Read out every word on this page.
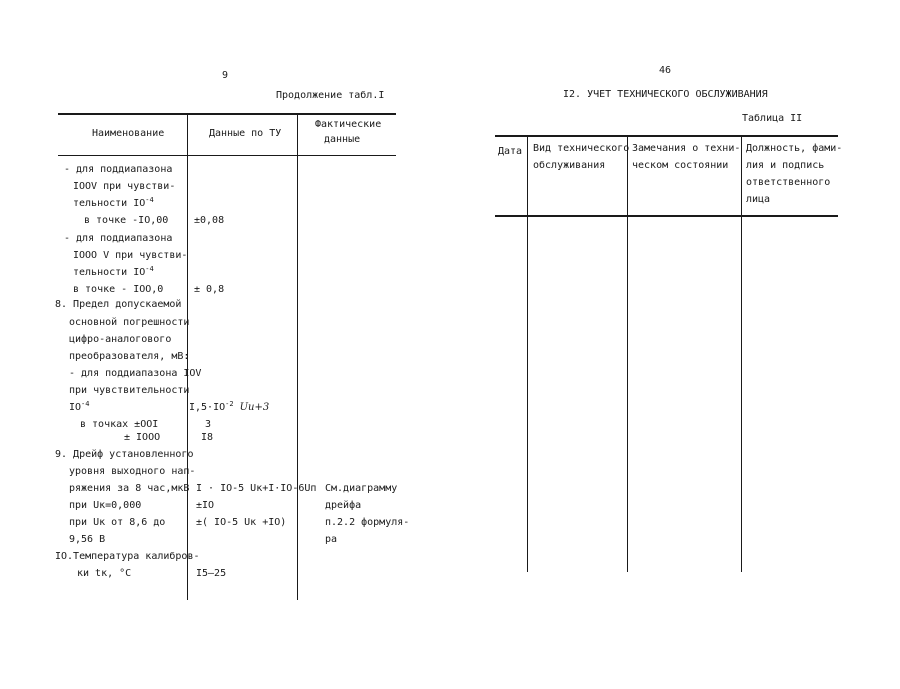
9
Продолжение табл.I
Наименование	Данные по ТУ
Фактические
данные
- для поддиапазона
IOOV при чувстви-
тельности $IO^{-4}$
в точке -IO,00
- для поддиапазона
IOOO V при чувстви-
тельности $IO^{-4}$
в точке - IOO,0
8. Предел допускаемой
основной погрешности
цифро-аналогового
преобразователя, мВ:
- для поддиапазона IOV
при чувствительности
$IO^{-4}$
в точках ±OOI
± IOOO
9. Дрейф установленного
уровня выходного нап-
ряжения за 8 час,мкВ
при Uк=0,000
при Uк от 8,6 до
9,56 В
IO.Температура калибров-
ки tк, °С
±0,08
± 0,8
$I,5\cdot IO^{-2}$ Uи+3
3
I8
I · IO-5 Uк+I·IO-6Uп
±IO
±( IO-5 Uк +IO)
I5–25
См.диаграмму
дрейфа
п.2.2 формуля-
ра
46
I2. УЧЕТ ТЕХНИЧЕСКОГО ОБСЛУЖИВАНИЯ
Таблица II
Дата Вид технического
обслуживания
Замечания о техни-
ческом состоянии
Должность, фами-
лия и подпись
ответственного
лица
